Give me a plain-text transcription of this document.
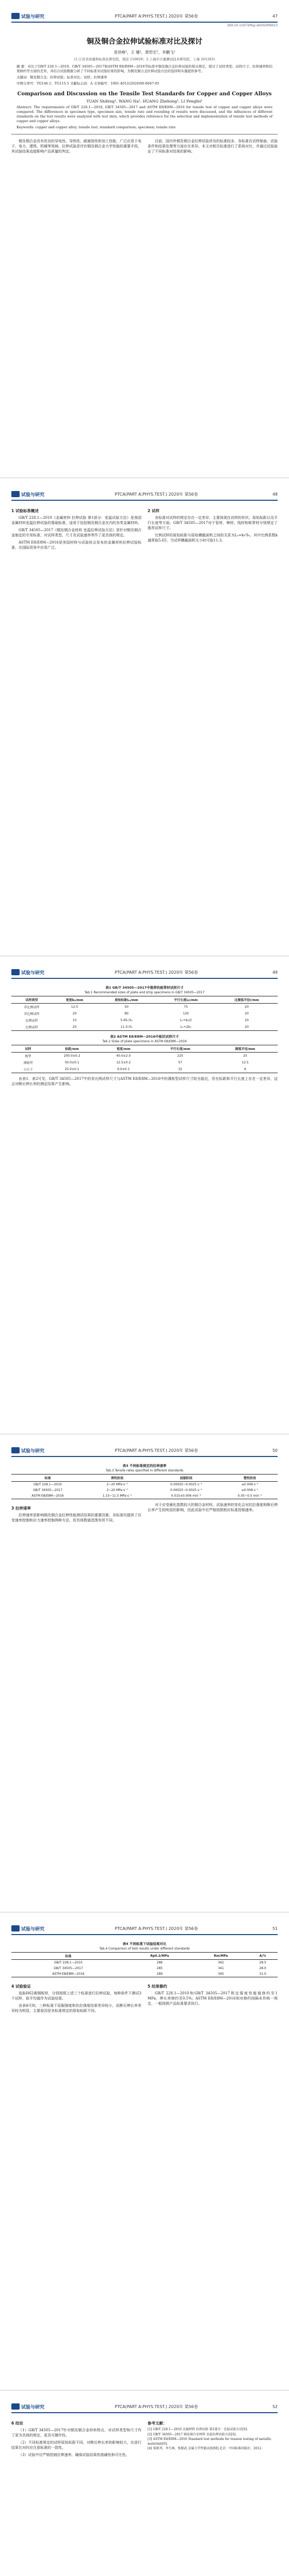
试验与研究	PTCA(PART A:PHYS.TEST.) 2020年 第56卷	47
DOI:10.11973/lhjy-wl202006013
铜及铜合金拉伸试验标准对比及探讨
袁世峰¹，王 娜²，黄哲宏¹，李鹏飞¹
(1.江苏省质量和标准化研究院，南京 210029；2.上海市计量测试技术研究院，上海 201203)
摘 要：对比了GB/T 228.1—2010、GB/T 34505—2017和ASTM E8/E8M—2016等标准中铜及铜合金拉伸试验的相关规定，探讨了试样类型、试样尺寸、拉伸速率和结果修约等方面的差异，并结合试验数据分析了不同标准对试验结果的影响，为铜及铜合金拉伸试验方法的选择和实施提供参考。
关键词：铜及铜合金；拉伸试验；标准对比；试样；拉伸速率
中图分类号：TG146.1；TG115.5 文献标志码：A 文章编号：1001-4012(2020)06-0047-05
Comparison and Discussion on the Tensile Test Standards for Copper and Copper Alloys
YUAN Shifeng¹, WANG Na², HUANG Zhehong¹, LI Pengfei¹
Abstract: The requirements of GB/T 228.1—2010, GB/T 34505—2017 and ASTM E8/E8M—2016 for tensile test of copper and copper alloys were compared. The differences in specimen type, specimen size, tensile rate and rounding of results were discussed, and the influences of different standards on the test results were analyzed with test data, which provides reference for the selection and implementation of tensile test methods of copper and copper alloys.
Keywords: copper and copper alloy; tensile test; standard comparison; specimen; tensile rate

铜及铜合金具有优良的导电性、导热性、耐腐蚀性和加工性能，广泛应用于电子、电力、建筑、机械等领域。拉伸试验是评价铜及铜合金力学性能的重要手段，其试验结果直接影响产品质量的判定。

目前，国内外铜及铜合金拉伸试验涉及的标准较多，各标准在试样制备、试验条件和结果处理等方面存在差异。本文对相关标准进行了系统对比，并通过试验验证了不同标准对结果的影响。

试验与研究	PTCA(PART A:PHYS.TEST.) 2020年 第56卷	48
1 试验标准概述

GB/T 228.1—2010《金属材料 拉伸试验 第1部分：室温试验方法》是我国金属材料室温拉伸试验的基础标准，适用于包括铜及铜合金在内的各类金属材料。

GB/T 34505—2017《铜及铜合金材料 室温拉伸试验方法》是针对铜及铜合金制定的专用标准，对试样类型、尺寸及试验速率等作了更具体的规定。

ASTM E8/E8M—2016是美国材料与试验协会发布的金属材料拉伸试验标准，在国际贸易中应用广泛。

2 试样

各标准对试样的规定存在一定差异，主要体现在试样的形状、原始标距以及平行长度等方面。GB/T 34505—2017对于管材、棒材、线材和板带材分别规定了推荐试样尺寸。

比例试样的原始标距与原始横截面积之间的关系为L₀=k√S₀，其中比例系数k通常取5.65，当试样横截面积太小时可取11.3。

试验与研究	PTCA(PART A:PHYS.TEST.) 2020年 第56卷	49
表1 GB/T 34505—2017中推荐的板带材试样尺寸
Tab.1 Recommended sizes of plate and strip specimens in GB/T 34505—2017
试样类型	宽度b₀/mm	原始标距L₀/mm	平行长度Lc/mm	过渡弧半径r/mm
非比例试样	12.5	50	75	20
非比例试样	20	80	120	20
比例试样	10	5.65√S₀	L₀+b₀/2	20
比例试样	20	11.3√S₀	L₀+2b₀	20
表2 ASTM E8/E8M—2016中板状试样尺寸
Tab.2 Sizes of plate specimens in ASTM E8/E8M—2016
试样	标距/mm	宽度/mm	平行长度/mm	圆弧半径/mm
板型	200.0±0.2	40.0±2.0	225	25
薄板型	50.0±0.1	12.5±0.2	57	12.5
小尺寸	25.0±0.1	6.0±0.1	32	6

由表1、表2可见，GB/T 34505—2017中的非比例试样尺寸与ASTM E8/E8M—2016中的薄板型试样尺寸较为接近，但在标距和平行长度上存在一定差异，这会对断后伸长率的测定结果产生影响。

试验与研究	PTCA(PART A:PHYS.TEST.) 2020年 第56卷	50
表3 不同标准规定的拉伸速率
Tab.3 Tensile rates specified in different standards
标准	弹性阶段	屈服阶段	塑性阶段
GB/T 228.1—2010	2~20 MPa·s⁻¹	0.00025~0.0025 s⁻¹	≤0.008 s⁻¹
GB/T 34505—2017	2~20 MPa·s⁻¹	0.00025~0.0025 s⁻¹	≤0.008 s⁻¹
ASTM E8/E8M—2016	1.15~11.5 MPa·s⁻¹	0.015±0.006 min⁻¹	0.05~0.5 min⁻¹
3 拉伸速率

拉伸速率是影响铜及铜合金拉伸性能测试结果的重要因素。各标准均提供了应变速率控制和应力速率控制两种方法，但具体数值范围有所不同。

对于应变硬化指数较大的铜合金材料，试验速率的变化会对抗拉强度和断后伸长率产生较明显的影响，因此试验中应严格按照相应标准控制速率。

试验与研究	PTCA(PART A:PHYS.TEST.) 2020年 第56卷	51
表4 不同标准下试验结果对比
Tab.4 Comparison of test results under different standards
标准	Rp0.2/MPa	Rm/MPa	A/%
GB/T 228.1—2010	286	342	28.5
GB/T 34505—2017	285	341	28.0
ASTM E8/E8M—2016	289	345	31.0
4 试验验证

选取H62黄铜板材，分别按照上述三个标准进行拉伸试验，每种条件下测试3个试样，取平均值作为试验结果。

由表4可知，三种标准下屈服强度和抗拉强度结果差异较小，而断后伸长率差异较为明显，主要原因是各标准规定的原始标距不同。

5 结果修约

GB/T 228.1—2010和GB/T 34505—2017规定强度性能值修约至1 MPa，伸长率修约至0.5%；ASTM E8/E8M—2016则对修约间隔未作统一规定，一般按照产品标准要求执行。

试验与研究	PTCA(PART A:PHYS.TEST.) 2020年 第56卷	52
6 结论

（1）GB/T 34505—2017针对铜及铜合金材料特点，对试样类型和尺寸作了更为具体的规定，更具可操作性。

（2）不同标准规定的试样原始标距不同，对断后伸长率的影响较大，在进行结果比对时应注意标准的一致性。

（3）试验中应严格控制拉伸速率，确保试验结果的准确性和可比性。

参考文献：
[1] GB/T 228.1—2010 金属材料 拉伸试验 第1部分：室温试验方法[S].
[2] GB/T 34505—2017 铜及铜合金材料 室温拉伸试验方法[S].
[3] ASTM E8/E8M—2016 Standard test methods for tension testing of metallic materials[S].
[4] 梁新邦，李久林，张振武.金属力学性能试验[M].北京：中国标准出版社，2012.
